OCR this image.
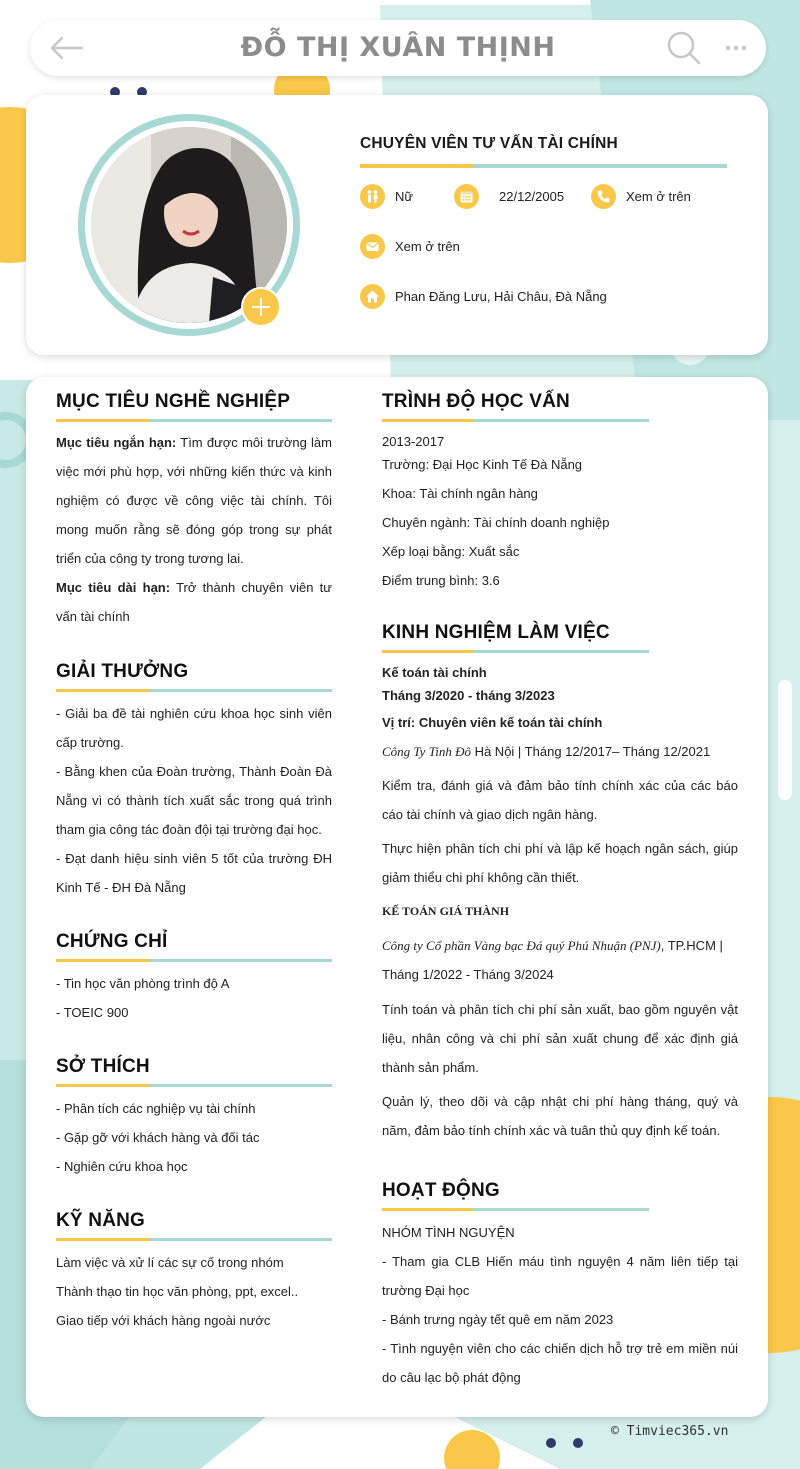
ĐỖ THỊ XUÂN THỊNH
CHUYÊN VIÊN TƯ VẤN TÀI CHÍNH
Nữ	22/12/2005	Xem ở trên
Xem ở trên
Phan Đăng Lưu, Hải Châu, Đà Nẵng
MỤC TIÊU NGHỀ NGHIỆP

Mục tiêu ngắn hạn: Tìm được môi trường làm việc mới phù hợp, với những kiến thức và kinh nghiệm có được về công việc tài chính. Tôi mong muốn rằng sẽ đóng góp trong sự phát triển của công ty trong tương lai.

Mục tiêu dài hạn: Trở thành chuyên viên tư vấn tài chính

GIẢI THƯỞNG

- Giải ba đề tài nghiên cứu khoa học sinh viên cấp trường.

- Bằng khen của Đoàn trường, Thành Đoàn Đà Nẵng vì có thành tích xuất sắc trong quá trình tham gia công tác đoàn đội tại trường đại học.

- Đạt danh hiệu sinh viên 5 tốt của trường ĐH Kinh Tế - ĐH Đà Nẵng

CHỨNG CHỈ

- Tin học văn phòng trình độ A

- TOEIC 900

SỞ THÍCH

- Phân tích các nghiệp vụ tài chính

- Gặp gỡ với khách hàng và đối tác

- Nghiên cứu khoa học

KỸ NĂNG

Làm việc và xử lí các sự cố trong nhóm

Thành thạo tin học văn phòng, ppt, excel..

Giao tiếp với khách hàng ngoài nước

TRÌNH ĐỘ HỌC VẤN
2013-2017

Trường: Đại Học Kinh Tế Đà Nẵng

Khoa: Tài chính ngân hàng

Chuyên ngành: Tài chính doanh nghiệp

Xếp loại bằng: Xuất sắc

Điểm trung bình: 3.6

KINH NGHIỆM LÀM VIỆC
Kế toán tài chính
Tháng 3/2020 - tháng 3/2023
Vị trí: Chuyên viên kế toán tài chính
Công Ty Tinh Đô Hà Nội | Tháng 12/2017– Tháng 12/2021
Kiểm tra, đánh giá và đảm bảo tính chính xác của các báo cáo tài chính và giao dịch ngân hàng.
Thực hiện phân tích chi phí và lập kế hoạch ngân sách, giúp giảm thiểu chi phí không cần thiết.
KẾ TOÁN GIÁ THÀNH
Công ty Cổ phần Vàng bạc Đá quý Phú Nhuận (PNJ), TP.HCM |
Tháng 1/2022 - Tháng 3/2024
Tính toán và phân tích chi phí sản xuất, bao gồm nguyên vật liệu, nhân công và chi phí sản xuất chung để xác định giá thành sản phẩm.
Quản lý, theo dõi và cập nhật chi phí hàng tháng, quý và năm, đảm bảo tính chính xác và tuân thủ quy định kế toán.
HOẠT ĐỘNG
NHÓM TÌNH NGUYỆN

- Tham gia CLB Hiến máu tình nguyện 4 năm liên tiếp tại trường Đại học

- Bánh trưng ngày tết quê em năm 2023

- Tình nguyện viên cho các chiến dịch hỗ trợ trẻ em miền núi do câu lạc bộ phát động

© Timviec365.vn
